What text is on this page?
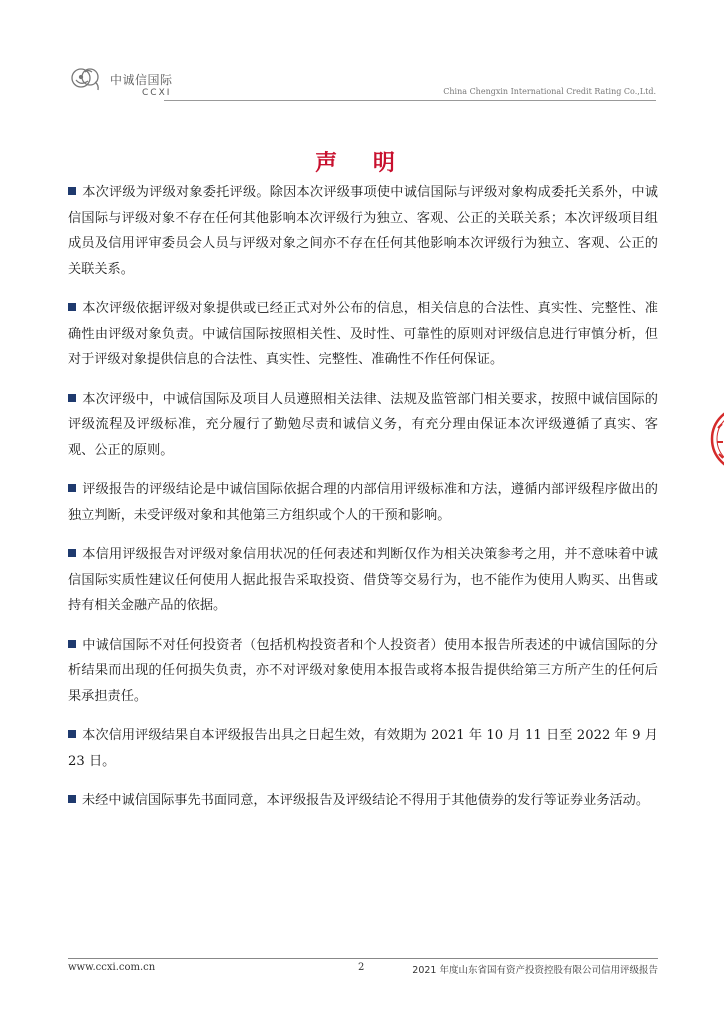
中诚信国际
CCXI	China Chengxin International Credit Rating Co.,Ltd.
声 明

本次评级为评级对象委托评级。除因本次评级事项使中诚信国际与评级对象构成委托关系外，中诚信国际与评级对象不存在任何其他影响本次评级行为独立、客观、公正的关联关系；本次评级项目组成员及信用评审委员会人员与评级对象之间亦不存在任何其他影响本次评级行为独立、客观、公正的关联关系。

本次评级依据评级对象提供或已经正式对外公布的信息，相关信息的合法性、真实性、完整性、准确性由评级对象负责。中诚信国际按照相关性、及时性、可靠性的原则对评级信息进行审慎分析，但对于评级对象提供信息的合法性、真实性、完整性、准确性不作任何保证。

本次评级中，中诚信国际及项目人员遵照相关法律、法规及监管部门相关要求，按照中诚信国际的评级流程及评级标准，充分履行了勤勉尽责和诚信义务，有充分理由保证本次评级遵循了真实、客观、公正的原则。

评级报告的评级结论是中诚信国际依据合理的内部信用评级标准和方法，遵循内部评级程序做出的独立判断，未受评级对象和其他第三方组织或个人的干预和影响。

本信用评级报告对评级对象信用状况的任何表述和判断仅作为相关决策参考之用，并不意味着中诚信国际实质性建议任何使用人据此报告采取投资、借贷等交易行为，也不能作为使用人购买、出售或持有相关金融产品的依据。

中诚信国际不对任何投资者（包括机构投资者和个人投资者）使用本报告所表述的中诚信国际的分析结果而出现的任何损失负责，亦不对评级对象使用本报告或将本报告提供给第三方所产生的任何后果承担责任。

本次信用评级结果自本评级报告出具之日起生效，有效期为 2021 年 10 月 11 日至 2022 年 9 月 23 日。

未经中诚信国际事先书面同意，本评级报告及评级结论不得用于其他债券的发行等证券业务活动。

www.ccxi.com.cn	2	2021 年度山东省国有资产投资控股有限公司信用评级报告
